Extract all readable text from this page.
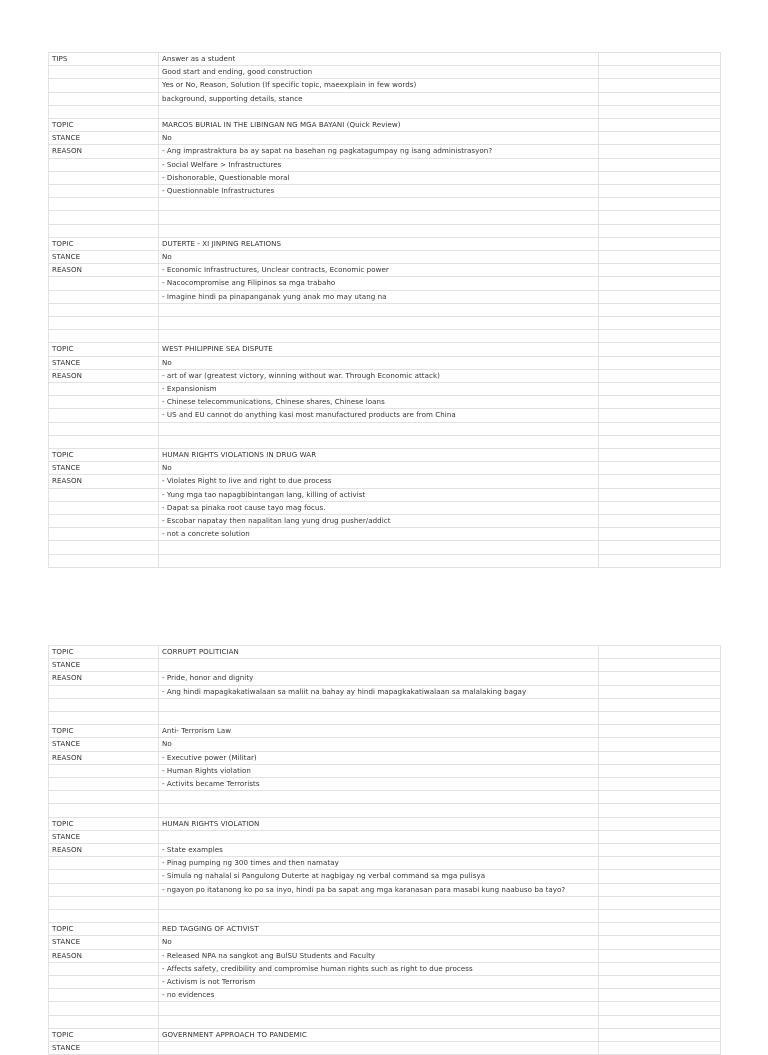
TIPS	Answer as a student	
	Good start and ending, good construction	
	Yes or No, Reason, Solution (If specific topic, maeexplain in few words)	
	background, supporting details, stance	

TOPIC	MARCOS BURIAL IN THE LIBINGAN NG MGA BAYANI (Quick Review)	
STANCE	No	
REASON	- Ang imprastraktura ba ay sapat na basehan ng pagkatagumpay ng isang administrasyon?	
	- Social Welfare > Infrastructures	
	- Dishonorable, Questionable moral	
	- Questionnable Infrastructures	

TOPIC	DUTERTE - XI JINPING RELATIONS	
STANCE	No	
REASON	- Economic Infrastructures, Unclear contracts, Economic power	
	- Nacocompromise ang Filipinos sa mga trabaho	
	- Imagine hindi pa pinapanganak yung anak mo may utang na	

TOPIC	WEST PHILIPPINE SEA DISPUTE	
STANCE	No	
REASON	- art of war (greatest victory, winning without war. Through Economic attack)	
	- Expansionism	
	- Chinese telecommunications, Chinese shares, Chinese loans	
	- US and EU cannot do anything kasi most manufactured products are from China	

TOPIC	HUMAN RIGHTS VIOLATIONS IN DRUG WAR	
STANCE	No	
REASON	- Violates Right to live and right to due process	
	- Yung mga tao napagbibintangan lang, killing of activist	
	- Dapat sa pinaka root cause tayo mag focus.	
	- Escobar napatay then napalitan lang yung drug pusher/addict	
	- not a concrete solution	

TOPIC	CORRUPT POLITICIAN	
STANCE		
REASON	- Pride, honor and dignity	
	- Ang hindi mapagkakatiwalaan sa maliit na bahay ay hindi mapagkakatiwalaan sa malalaking bagay	

TOPIC	Anti- Terrorism Law	
STANCE	No	
REASON	- Executive power (Militar)	
	- Human Rights violation	
	- Activits became Terrorists	

TOPIC	HUMAN RIGHTS VIOLATION	
STANCE		
REASON	- State examples	
	- Pinag pumping ng 300 times and then namatay	
	- Simula ng nahalal si Pangulong Duterte at nagbigay ng verbal command sa mga pulisya	
	- ngayon po itatanong ko po sa inyo, hindi pa ba sapat ang mga karanasan para masabi kung naabuso ba tayo?	

TOPIC	RED TAGGING OF ACTIVIST	
STANCE	No	
REASON	- Released NPA na sangkot ang BulSU Students and Faculty	
	- Affects safety, credibility and compromise human rights such as right to due process	
	- Activism is not Terrorism	
	- no evidences	

TOPIC	GOVERNMENT APPROACH TO PANDEMIC	
STANCE		
